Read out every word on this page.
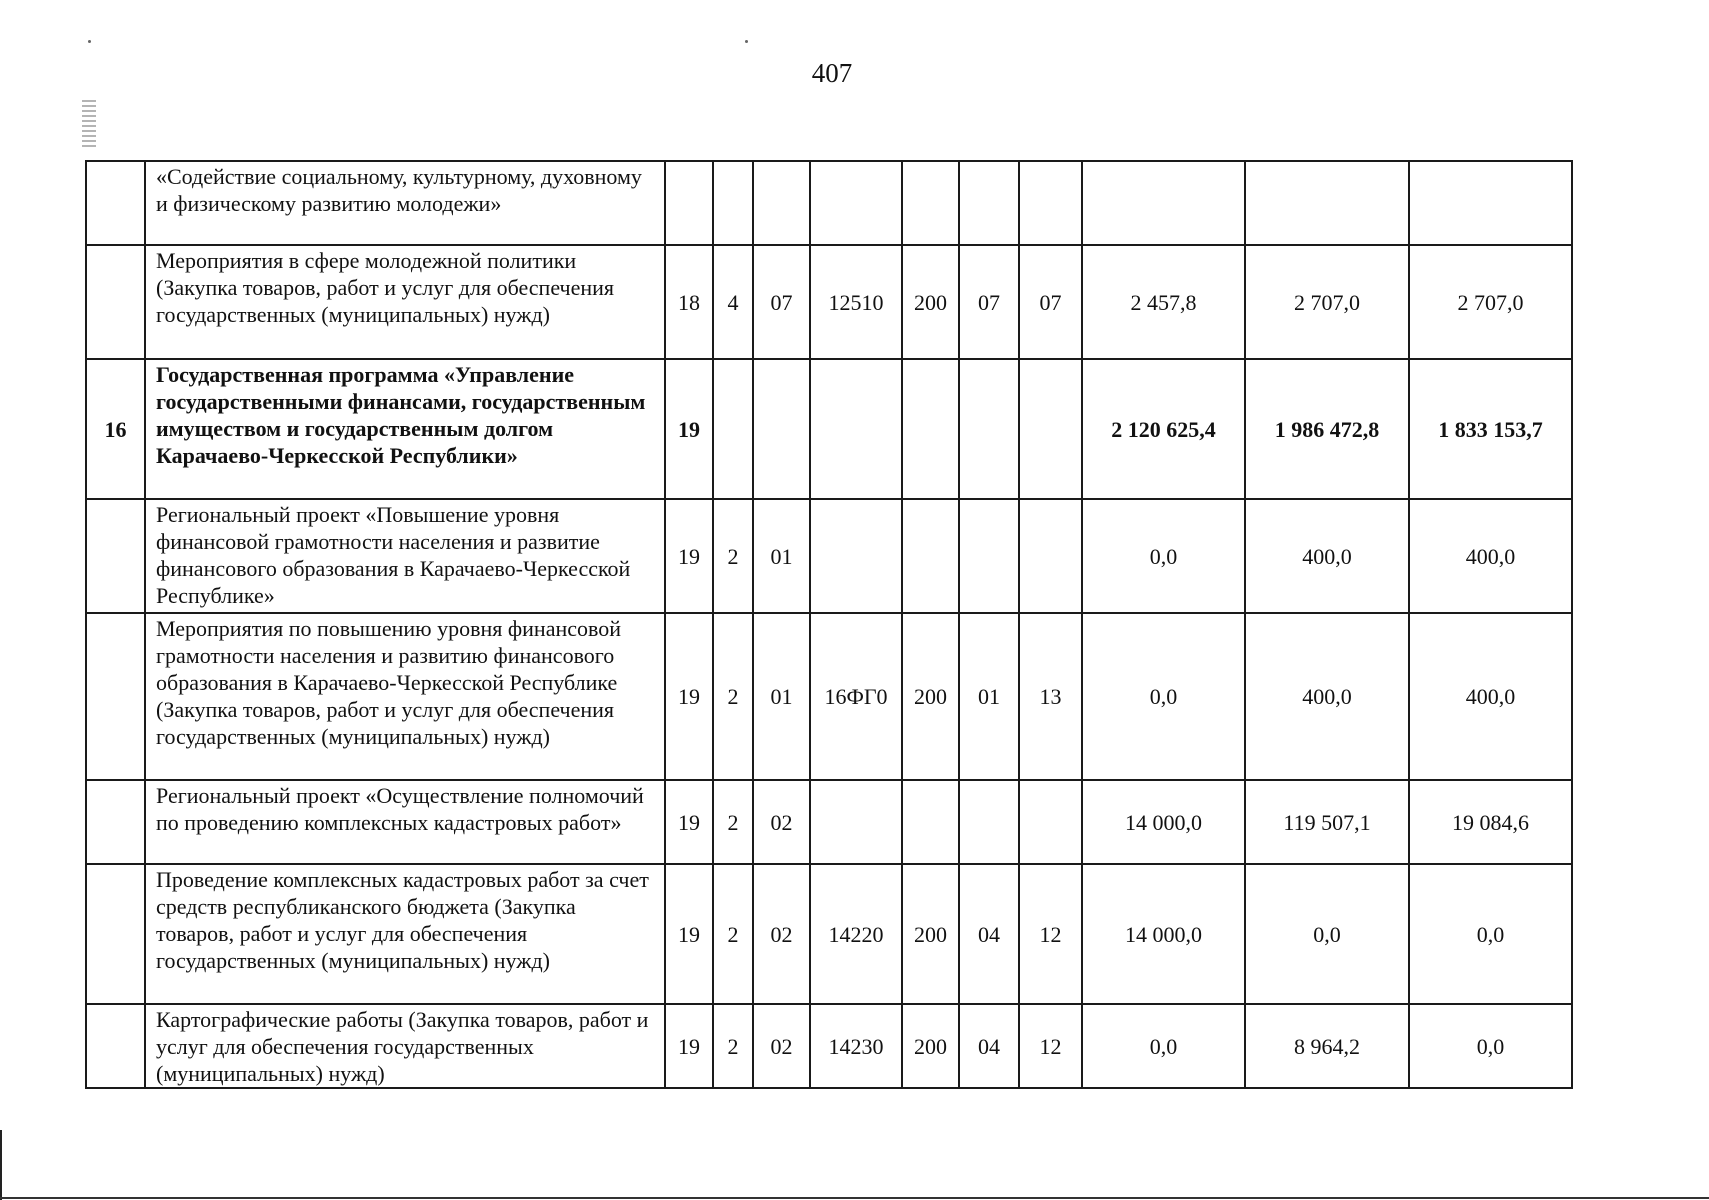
407
	«Содействие социальному, культурному, духовному и физическому развитию молодежи»										
	Мероприятия в сфере молодежной политики (Закупка товаров, работ и услуг для обеспечения государственных (муниципальных) нужд)	18	4	07	12510	200	07	07	2 457,8	2 707,0	2 707,0
16	Государственная программа «Управление государственными финансами, государственным имуществом и государственным долгом Карачаево-Черкесской Республики»	19							2 120 625,4	1 986 472,8	1 833 153,7
	Региональный проект «Повышение уровня финансовой грамотности населения и развитие финансового образования в Карачаево-Черкесской Республике»	19	2	01					0,0	400,0	400,0
	Мероприятия по повышению уровня финансовой грамотности населения и развитию финансового образования в Карачаево-Черкесской Республике (Закупка товаров, работ и услуг для обеспечения государственных (муниципальных) нужд)	19	2	01	16ФГ0	200	01	13	0,0	400,0	400,0
	Региональный проект «Осуществление полномочий по проведению комплексных кадастровых работ»	19	2	02					14 000,0	119 507,1	19 084,6
	Проведение комплексных кадастровых работ за счет средств республиканского бюджета (Закупка товаров, работ и услуг для обеспечения государственных (муниципальных) нужд)	19	2	02	14220	200	04	12	14 000,0	0,0	0,0
	Картографические работы (Закупка товаров, работ и услуг для обеспечения государственных (муниципальных) нужд)	19	2	02	14230	200	04	12	0,0	8 964,2	0,0
